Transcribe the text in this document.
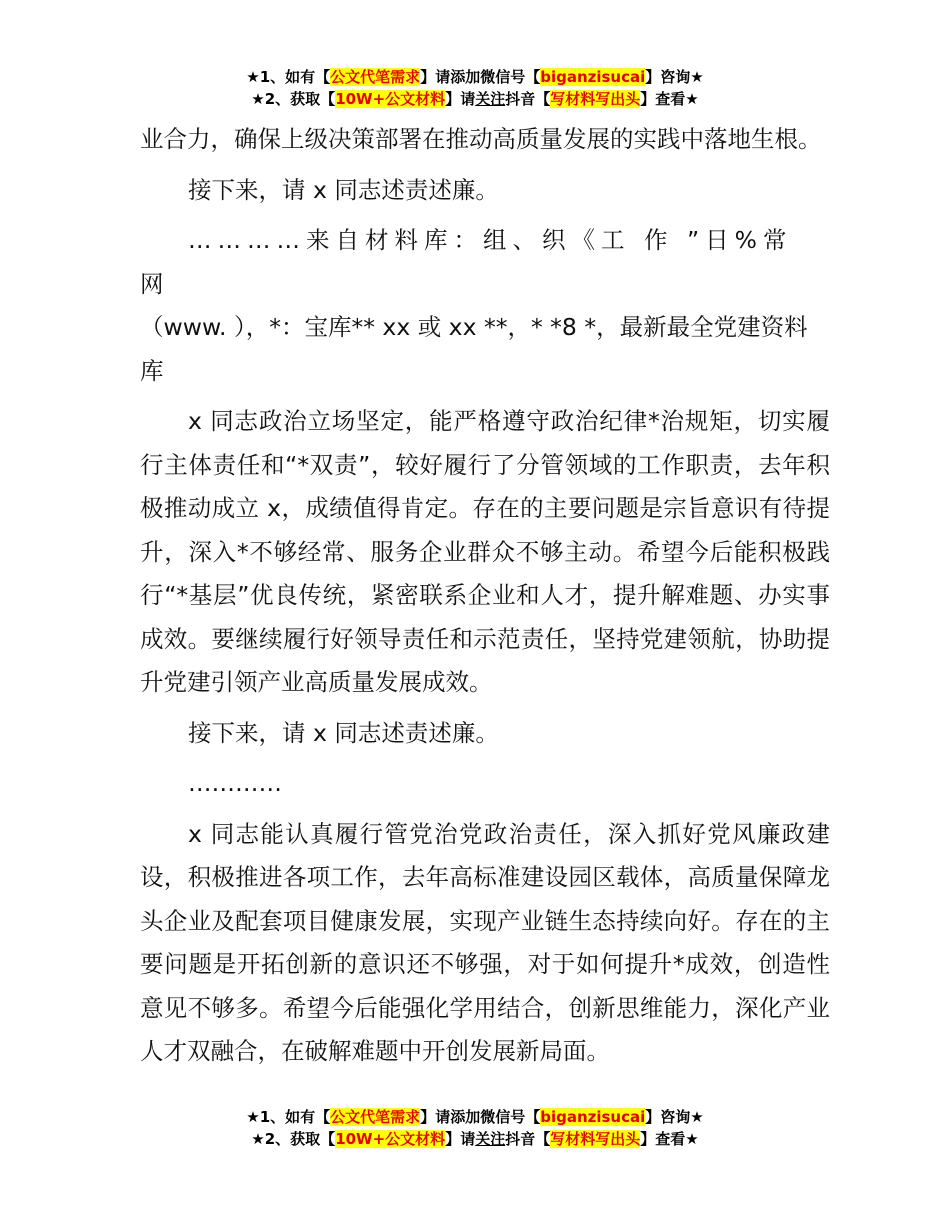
★1、如有【公文代笔需求】请添加微信号【biganzisucai】咨询★
★2、获取【10W+公文材料】请关注抖音【写材料写出头】查看★

业合力，确保上级决策部署在推动高质量发展的实践中落地生根。

接下来，请 x 同志述责述廉。

…………来自材料库：组、织《工 作 ”日%常 网

（www. ），*：宝库** xx 或 xx **，* *8 *，最新最全党建资料库

x 同志政治立场坚定，能严格遵守政治纪律*治规矩，切实履行主体责任和“*双责”，较好履行了分管领域的工作职责，去年积极推动成立 x，成绩值得肯定。存在的主要问题是宗旨意识有待提升，深入*不够经常、服务企业群众不够主动。希望今后能积极践行“*基层”优良传统，紧密联系企业和人才，提升解难题、办实事成效。要继续履行好领导责任和示范责任，坚持党建领航，协助提升党建引领产业高质量发展成效。

接下来，请 x 同志述责述廉。

…………

x 同志能认真履行管党治党政治责任，深入抓好党风廉政建设，积极推进各项工作，去年高标准建设园区载体，高质量保障龙头企业及配套项目健康发展，实现产业链生态持续向好。存在的主要问题是开拓创新的意识还不够强，对于如何提升*成效，创造性意见不够多。希望今后能强化学用结合，创新思维能力，深化产业人才双融合，在破解难题中开创发展新局面。

★1、如有【公文代笔需求】请添加微信号【biganzisucai】咨询★
★2、获取【10W+公文材料】请关注抖音【写材料写出头】查看★
